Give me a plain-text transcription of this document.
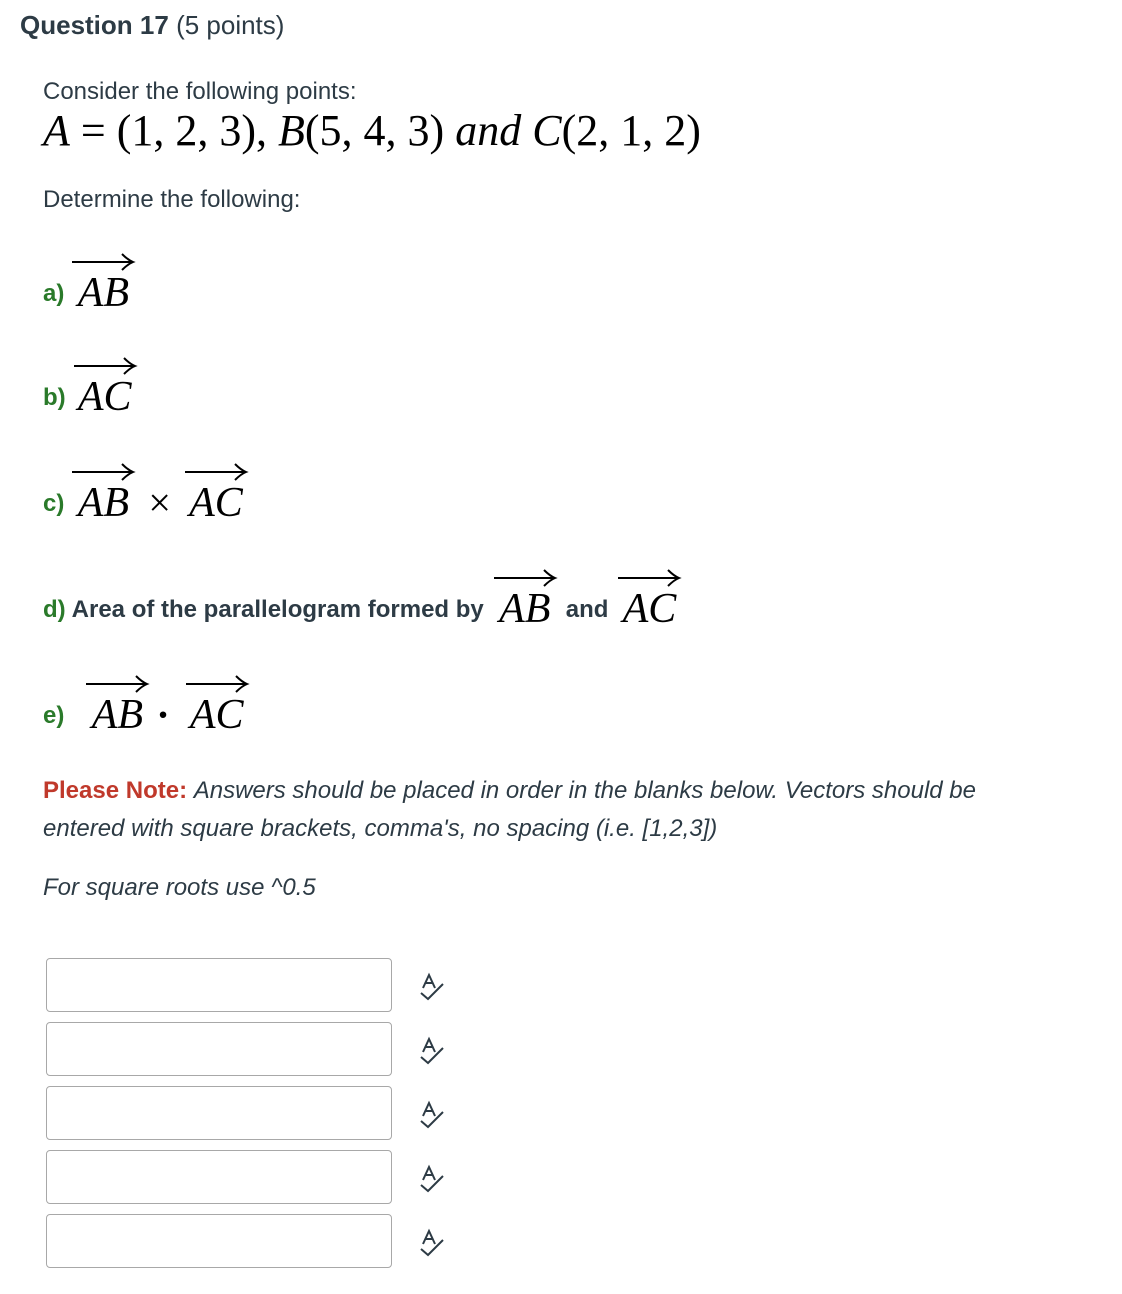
Question 17 (5 points)
Consider the following points:
A = (1, 2, 3), B(5, 4, 3) and C(2, 1, 2)
Determine the following:
a) AB
b) AC
c) AB × AC
d) Area of the parallelogram formed by AB and AC
e) AB · AC
Please Note: Answers should be placed in order in the blanks below. Vectors should be entered with square brackets, comma's, no spacing (i.e. [1,2,3])
For square roots use ^0.5
